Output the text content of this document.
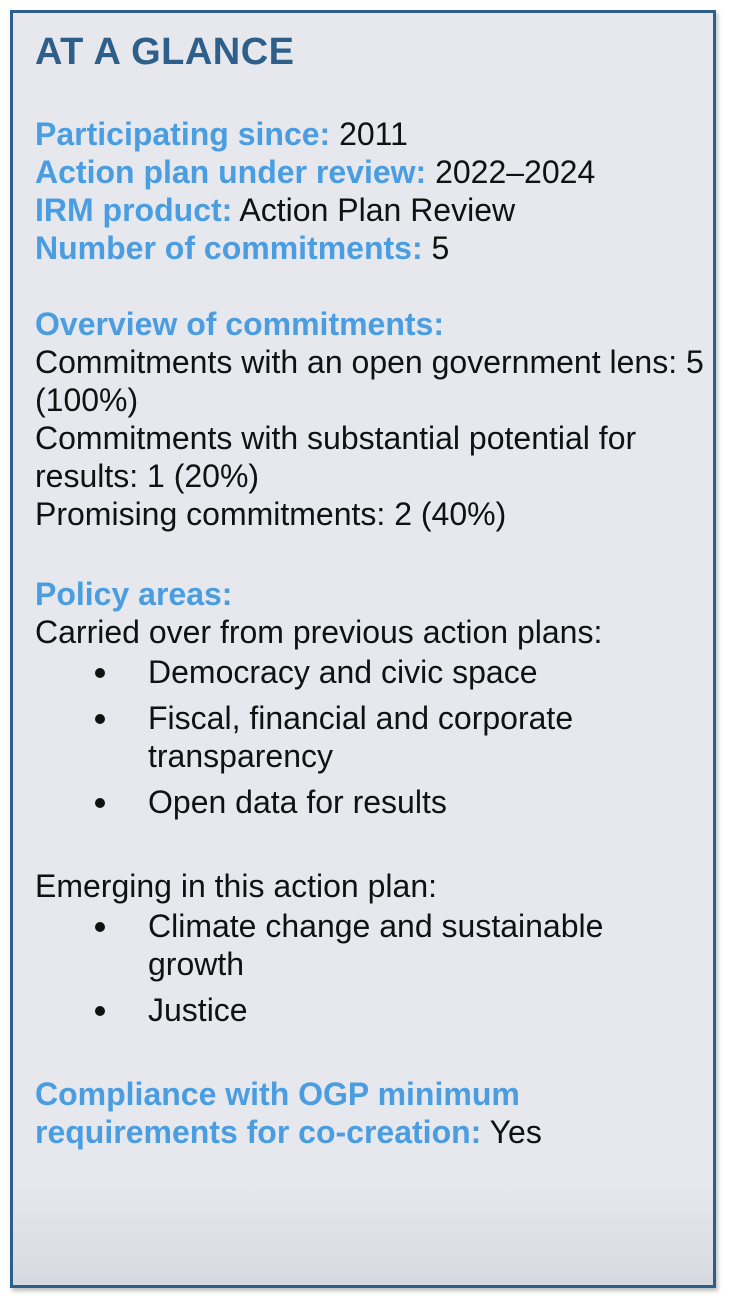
AT A GLANCE

Participating since: 2011

Action plan under review: 2022–2024

IRM product: Action Plan Review

Number of commitments: 5

Overview of commitments:

Commitments with an open government lens: 5 (100%)

Commitments with substantial potential for results: 1 (20%)

Promising commitments: 2 (40%)

Policy areas:

Carried over from previous action plans:

Democracy and civic space
Fiscal, financial and corporate transparency
Open data for results

Emerging in this action plan:

Climate change and sustainable growth
Justice

Compliance with OGP minimum requirements for co-creation: Yes
